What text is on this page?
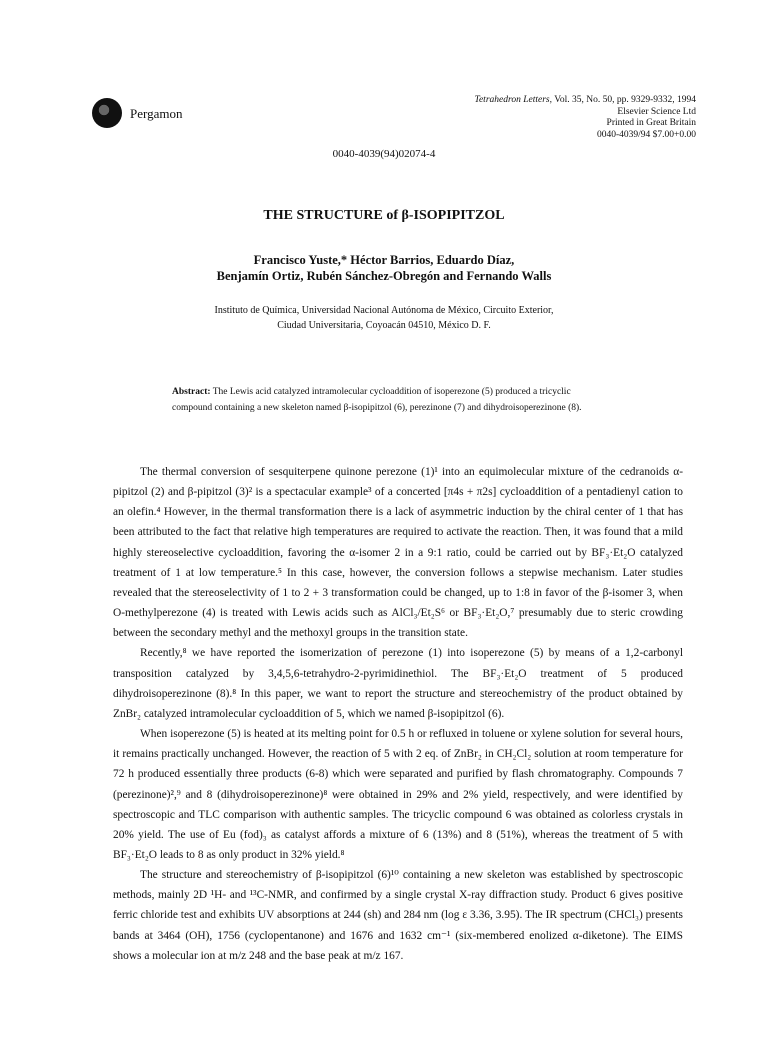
Pergamon
Tetrahedron Letters, Vol. 35, No. 50, pp. 9329-9332, 1994
Elsevier Science Ltd
Printed in Great Britain
0040-4039/94 $7.00+0.00
0040-4039(94)02074-4
THE STRUCTURE of β-ISOPIPITZOL
Francisco Yuste,* Héctor Barrios, Eduardo Díaz,
Benjamín Ortiz, Rubén Sánchez-Obregón and Fernando Walls
Instituto de Química, Universidad Nacional Autónoma de México, Circuito Exterior,
Ciudad Universitaria, Coyoacán 04510, México D. F.
Abstract: The Lewis acid catalyzed intramolecular cycloaddition of isoperezone (5) produced a tricyclic compound containing a new skeleton named β-isopipitzol (6), perezinone (7) and dihydroisoperezinone (8).

The thermal conversion of sesquiterpene quinone perezone (1)¹ into an equimolecular mixture of the cedranoids α-pipitzol (2) and β-pipitzol (3)² is a spectacular example³ of a concerted [π4s + π2s] cycloaddition of a pentadienyl cation to an olefin.⁴ However, in the thermal transformation there is a lack of asymmetric induction by the chiral center of 1 that has been attributed to the fact that relative high temperatures are required to activate the reaction. Then, it was found that a mild highly stereoselective cycloaddition, favoring the α-isomer 2 in a 9:1 ratio, could be carried out by BF₃·Et₂O catalyzed treatment of 1 at low temperature.⁵ In this case, however, the conversion follows a stepwise mechanism. Later studies revealed that the stereoselectivity of 1 to 2 + 3 transformation could be changed, up to 1:8 in favor of the β-isomer 3, when O-methylperezone (4) is treated with Lewis acids such as AlCl₃/Et₂S⁶ or BF₃·Et₂O,⁷ presumably due to steric crowding between the secondary methyl and the methoxyl groups in the transition state.

Recently,⁸ we have reported the isomerization of perezone (1) into isoperezone (5) by means of a 1,2-carbonyl transposition catalyzed by 3,4,5,6-tetrahydro-2-pyrimidinethiol. The BF₃·Et₂O treatment of 5 produced dihydroisoperezinone (8).⁸ In this paper, we want to report the structure and stereochemistry of the product obtained by ZnBr₂ catalyzed intramolecular cycloaddition of 5, which we named β-isopipitzol (6).

When isoperezone (5) is heated at its melting point for 0.5 h or refluxed in toluene or xylene solution for several hours, it remains practically unchanged. However, the reaction of 5 with 2 eq. of ZnBr₂ in CH₂Cl₂ solution at room temperature for 72 h produced essentially three products (6-8) which were separated and purified by flash chromatography. Compounds 7 (perezinone)²,⁹ and 8 (dihydroisoperezinone)⁸ were obtained in 29% and 2% yield, respectively, and were identified by spectroscopic and TLC comparison with authentic samples. The tricyclic compound 6 was obtained as colorless crystals in 20% yield. The use of Eu (fod)₃ as catalyst affords a mixture of 6 (13%) and 8 (51%), whereas the treatment of 5 with BF₃·Et₂O leads to 8 as only product in 32% yield.⁸

The structure and stereochemistry of β-isopipitzol (6)¹⁰ containing a new skeleton was established by spectroscopic methods, mainly 2D ¹H- and ¹³C-NMR, and confirmed by a single crystal X-ray diffraction study. Product 6 gives positive ferric chloride test and exhibits UV absorptions at 244 (sh) and 284 nm (log ε 3.36, 3.95). The IR spectrum (CHCl₃) presents bands at 3464 (OH), 1756 (cyclopentanone) and 1676 and 1632 cm⁻¹ (six-membered enolized α-diketone). The EIMS shows a molecular ion at m/z 248 and the base peak at m/z 167.
